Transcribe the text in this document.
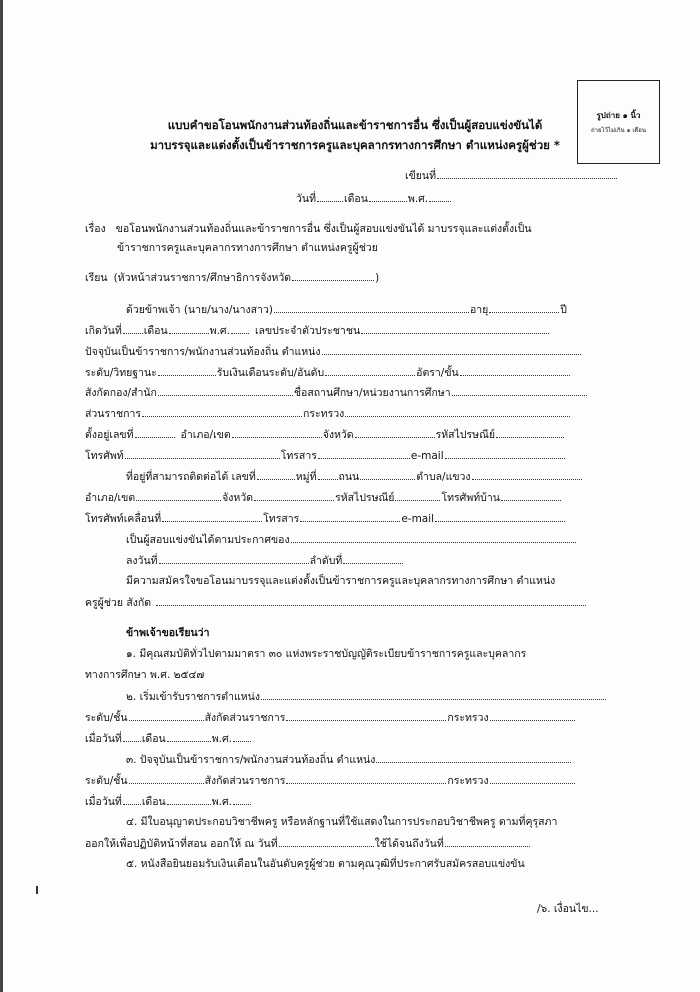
รูปถ่าย ๑ นิ้ว
ถ่ายไว้ไม่เกิน ๑ เดือน
แบบคำขอโอนพนักงานส่วนท้องถิ่นและข้าราชการอื่น ซึ่งเป็นผู้สอบแข่งขันได้
มาบรรจุและแต่งตั้งเป็นข้าราชการครูและบุคลากรทางการศึกษา ตำแหน่งครูผู้ช่วย *
เขียนที่
วันที่	เดือน	พ.ศ.
เรื่อง ขอโอนพนักงานส่วนท้องถิ่นและข้าราชการอื่น ซึ่งเป็นผู้สอบแข่งขันได้ มาบรรจุและแต่งตั้งเป็น
ข้าราชการครูและบุคลากรทางการศึกษา ตำแหน่งครูผู้ช่วย
เรียน (หัวหน้าส่วนราชการ/ศึกษาธิการจังหวัด	)
ด้วยข้าพเจ้า (นาย/นาง/นางสาว)	อายุ	ปี
เกิดวันที่ เดือน	พ.ศ. เลขประจำตัวประชาชน
ปัจจุบันเป็นข้าราชการ/พนักงานส่วนท้องถิ่น ตำแหน่ง
ระดับ/วิทยฐานะ	รับเงินเดือนระดับ/อันดับ	อัตรา/ขั้น
สังกัดกอง/สำนัก	ชื่อสถานศึกษา/หน่วยงานการศึกษา
ส่วนราชการ	กระทรวง
ตั้งอยู่เลขที่	อำเภอ/เขต	จังหวัด	รหัสไปรษณีย์
โทรศัพท์	โทรสาร	e-mail
ที่อยู่ที่สามารถติดต่อได้ เลขที่	หมู่ที่ ถนน	ตำบล/แขวง
อำเภอ/เขต	จังหวัด	รหัสไปรษณีย์	โทรศัพท์บ้าน
โทรศัพท์เคลื่อนที่	โทรสาร	e-mail
เป็นผู้สอบแข่งขันได้ตามประกาศของ
ลงวันที่	ลำดับที่
มีความสมัครใจขอโอนมาบรรจุและแต่งตั้งเป็นข้าราชการครูและบุคลากรทางการศึกษา ตำแหน่ง
ครูผู้ช่วย สังกัด
ข้าพเจ้าขอเรียนว่า
๑. มีคุณสมบัติทั่วไปตามมาตรา ๓๐ แห่งพระราชบัญญัติระเบียบข้าราชการครูและบุคลากร
ทางการศึกษา พ.ศ. ๒๕๔๗
๒. เริ่มเข้ารับราชการตำแหน่ง
ระดับ/ชั้น	สังกัดส่วนราชการ	กระทรวง
เมื่อวันที่ เดือน	พ.ศ.
๓. ปัจจุบันเป็นข้าราชการ/พนักงานส่วนท้องถิ่น ตำแหน่ง
ระดับ/ชั้น	สังกัดส่วนราชการ	กระทรวง
เมื่อวันที่ เดือน	พ.ศ.
๔. มีใบอนุญาตประกอบวิชาชีพครู หรือหลักฐานที่ใช้แสดงในการประกอบวิชาชีพครู ตามที่คุรุสภา
ออกให้เพื่อปฏิบัติหน้าที่สอน ออกให้ ณ วันที่	ใช้ได้จนถึงวันที่
๕. หนังสือยินยอมรับเงินเดือนในอันดับครูผู้ช่วย ตามคุณวุฒิที่ประกาศรับสมัครสอบแข่งขัน
/๖. เงื่อนไข...
